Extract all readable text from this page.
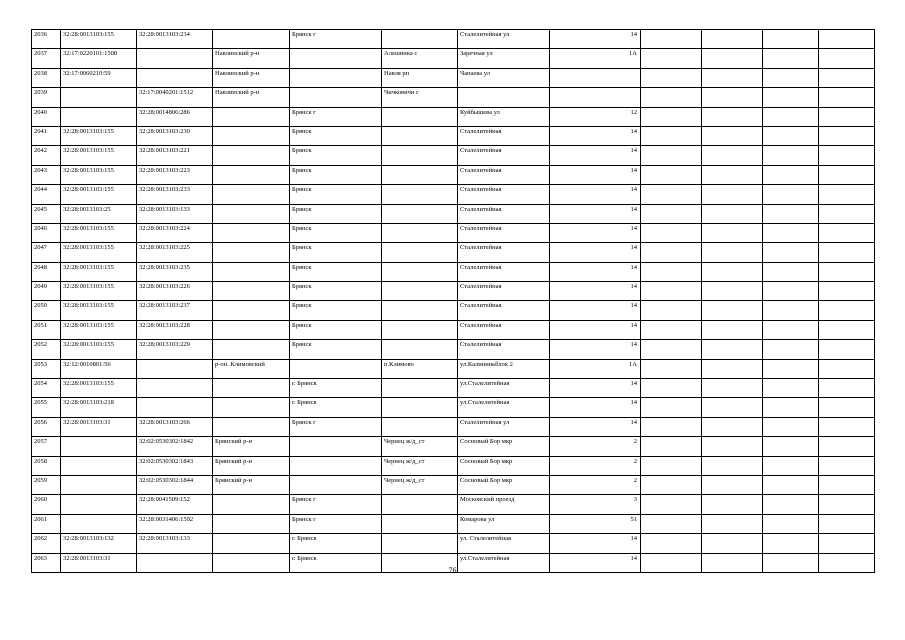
2036	32:28:0013103:155	32:28:0013103:234		Брянск г		Сталелитейная ул	14				
2037	32:17:0220101:1508		Навлинский р-н		Алешинка с	Заречная ул	1А				
2038	32:17:0060210:59		Навлинский р-н		Навля рп	Чапаева ул					
2039		32:17:0040201:1512	Навлинский р-н		Чичковичи с						
2040		32:28:0014806:286		Брянск г		Куйбышева ул	12				
2041	32:28:0013103:155	32:28:0013103:230		Брянск		Сталелитейная	14				
2042	32:28:0013103:155	32:28:0013103:221		Брянск		Сталелитейная	14				
2043	32:28:0013103:155	32:28:0013103:223		Брянск		Сталелитейная	14				
2044	32:28:0013103:155	32:28:0013103:233		Брянск		Сталелитейная	14				
2045	32:28:0013103:25	32:28:0013103:133		Брянск		Сталелитейная	14				
2046	32:28:0013103:155	32:28:0013103:224		Брянск		Сталелитейная	14				
2047	32:28:0013103:155	32:28:0013103:225		Брянск		Сталелитейная	14				
2048	32:28:0013103:155	32:28:0013103:235		Брянск		Сталелитейная	14				
2049	32:28:0013103:155	32:28:0013103:226		Брянск		Сталелитейная	14				
2050	32:28:0013103:155	32:28:0013103:237		Брянск		Сталелитейная	14				
2051	32:28:0013103:155	32:28:0013103:228		Брянск		Сталелитейная	14				
2052	32:28:0013103:155	32:28:0013103:229		Брянск		Сталелитейная	14				
2053	32:12:0010801:56		р-он. Климовский		п.Климово	ул.Калининьблок 2	1А				
2054	32:28:0013103:155			г. Брянск		ул.Сталелитейная	14				
2055	32:28:0013103:218			г. Брянск		ул.Сталелитейная	14				
2056	32:28:0013103:31	32:28:0013103:266		Брянск г		Сталелитейная ул	14				
2057		32:02:0530302:1842	Брянский р-н		Чернец ж/д_ст	Сосновый Бор мкр	2				
2058		32:02:0530302:1843	Брянский р-н		Чернец ж/д_ст	Сосновый Бор мкр	2				
2059		32:02:0530302:1844	Брянский р-н		Чернец ж/д_ст	Сосновый Бор мкр	2				
2060		32:28:0041509:152		Брянск г		Московский проезд	3				
2061		32:28:0031406:1592		Брянск г		Комарова ул	51				
2062	32:28:0013103:132	32:28:0013103:133		г. Брянск		ул. Сталелитейная	14				
2063	32:28:0013103:31			г. Брянск		ул.Сталелитейная	14				
76
